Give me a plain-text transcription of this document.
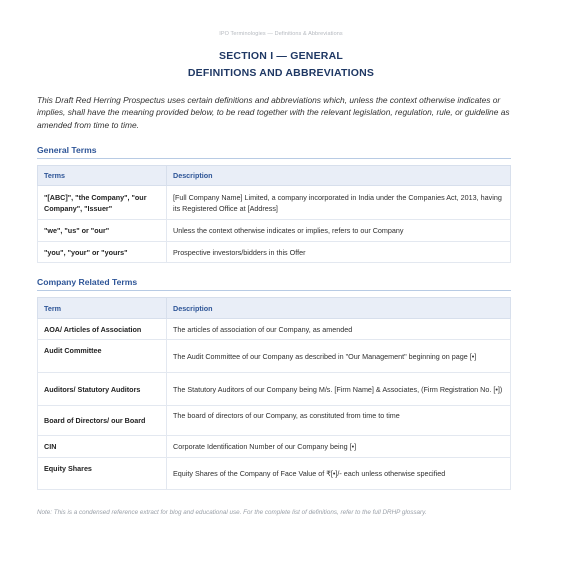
IPO Terminologies — Definitions & Abbreviations
SECTION I — GENERAL
DEFINITIONS AND ABBREVIATIONS
This Draft Red Herring Prospectus uses certain definitions and abbreviations which, unless the context otherwise indicates or implies, shall have the meaning provided below, to be read together with the relevant legislation, regulation, rule, or guideline as amended from time to time.
General Terms
Terms	Description
"[ABC]", "the Company", "our Company", "Issuer"	[Full Company Name] Limited, a company incorporated in India under the Companies Act, 2013, having its Registered Office at [Address]
"we", "us" or "our"	Unless the context otherwise indicates or implies, refers to our Company
"you", "your" or "yours"	Prospective investors/bidders in this Offer
Company Related Terms
Term	Description
AOA/ Articles of Association	The articles of association of our Company, as amended
Audit Committee	The Audit Committee of our Company as described in "Our Management" beginning on page [•]
Auditors/ Statutory Auditors	The Statutory Auditors of our Company being M/s. [Firm Name] & Associates, (Firm Registration No. [•])
Board of Directors/ our Board	The board of directors of our Company, as constituted from time to time
CIN	Corporate Identification Number of our Company being [•]
Equity Shares	Equity Shares of the Company of Face Value of ₹[•]/- each unless otherwise specified
Note: This is a condensed reference extract for blog and educational use. For the complete list of definitions, refer to the full DRHP glossary.
